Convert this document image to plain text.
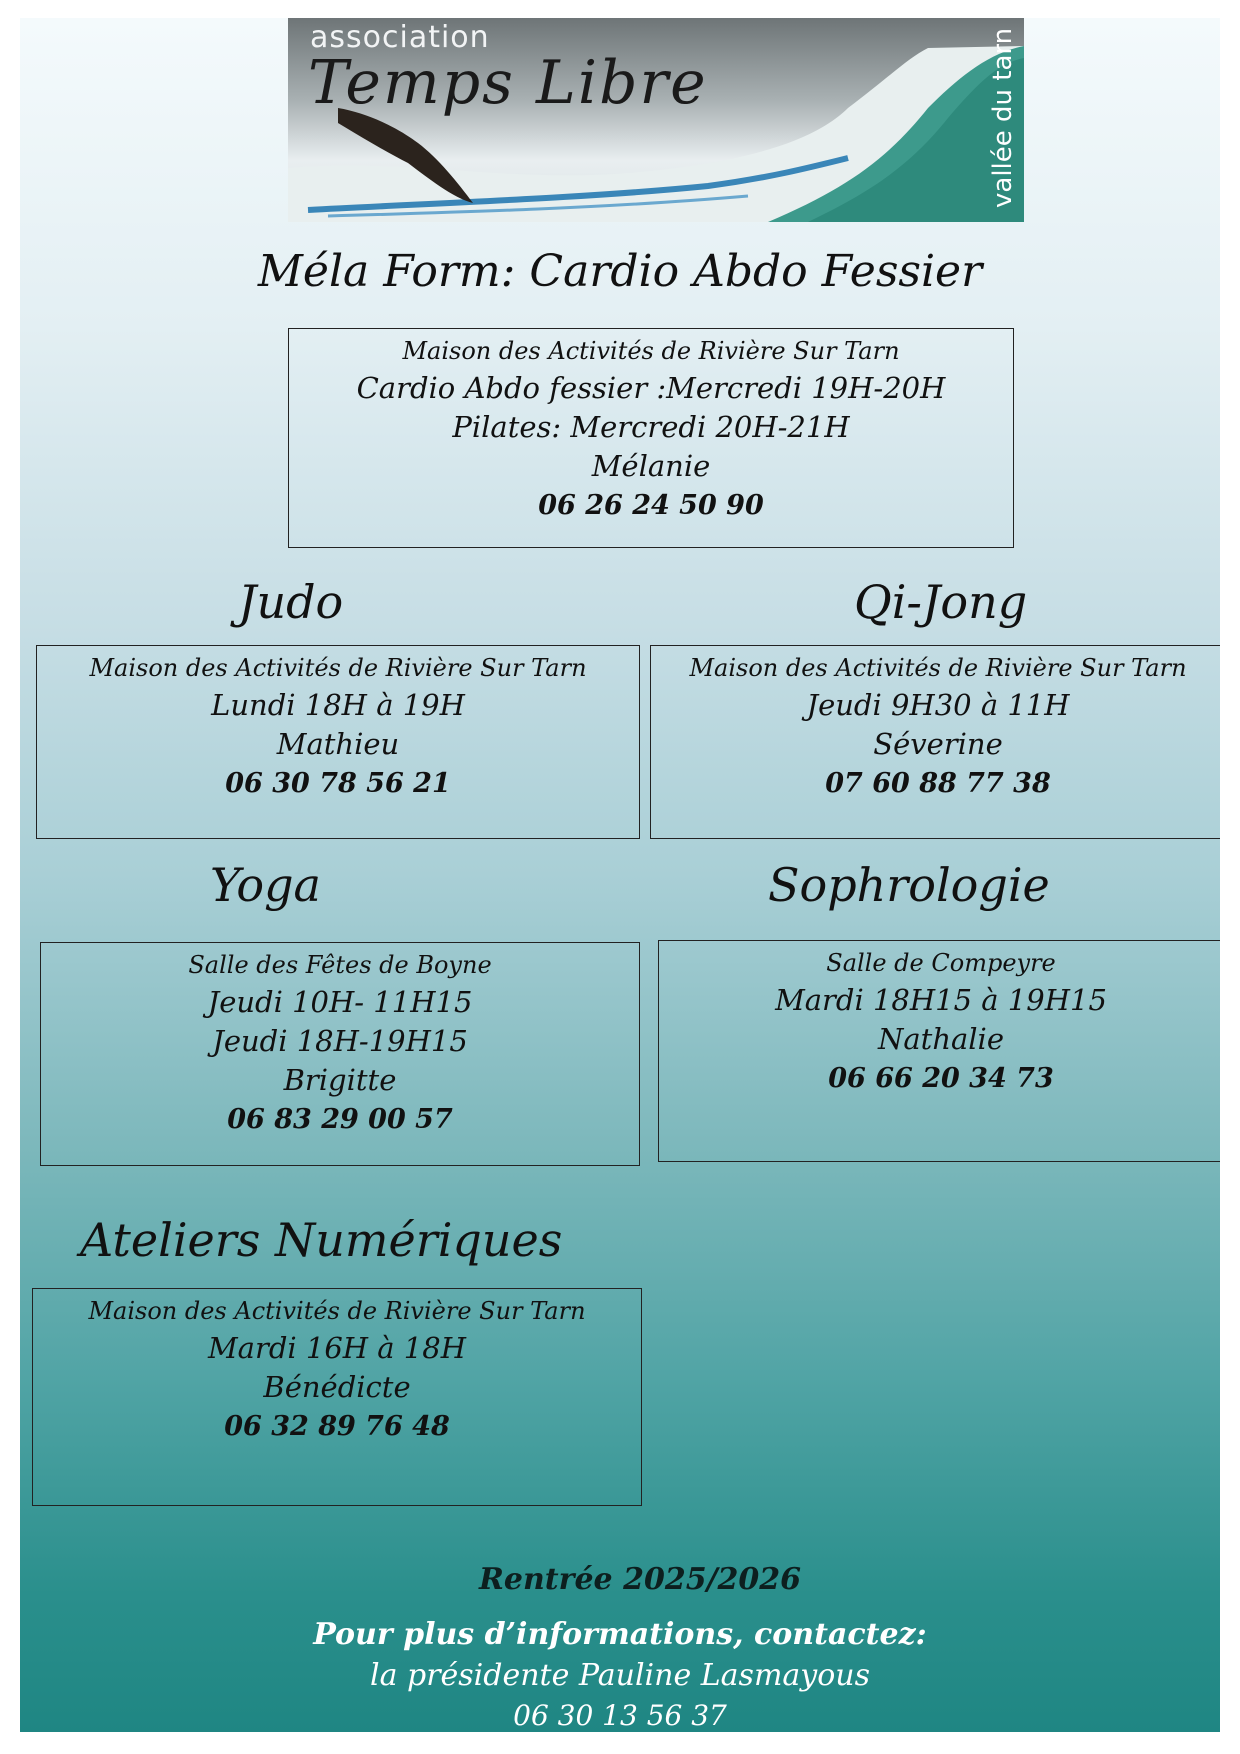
association
Temps Libre	vallée du tarn
Méla Form: Cardio Abdo Fessier
Maison des Activités de Rivière Sur Tarn
Cardio Abdo fessier :Mercredi 19H-20H
Pilates: Mercredi 20H-21H
Mélanie
06 26 24 50 90
Judo
Maison des Activités de Rivière Sur Tarn
Lundi 18H à 19H
Mathieu
06 30 78 56 21
Qi-Jong
Maison des Activités de Rivière Sur Tarn
Jeudi 9H30 à 11H
Séverine
07 60 88 77 38
Yoga
Salle des Fêtes de Boyne
Jeudi 10H- 11H15
Jeudi 18H-19H15
Brigitte
06 83 29 00 57
Sophrologie
Salle de Compeyre
Mardi 18H15 à 19H15
Nathalie
06 66 20 34 73
Ateliers Numériques
Maison des Activités de Rivière Sur Tarn
Mardi 16H à 18H
Bénédicte
06 32 89 76 48
Rentrée 2025/2026
Pour plus d’informations, contactez:
la présidente Pauline Lasmayous
06 30 13 56 37
